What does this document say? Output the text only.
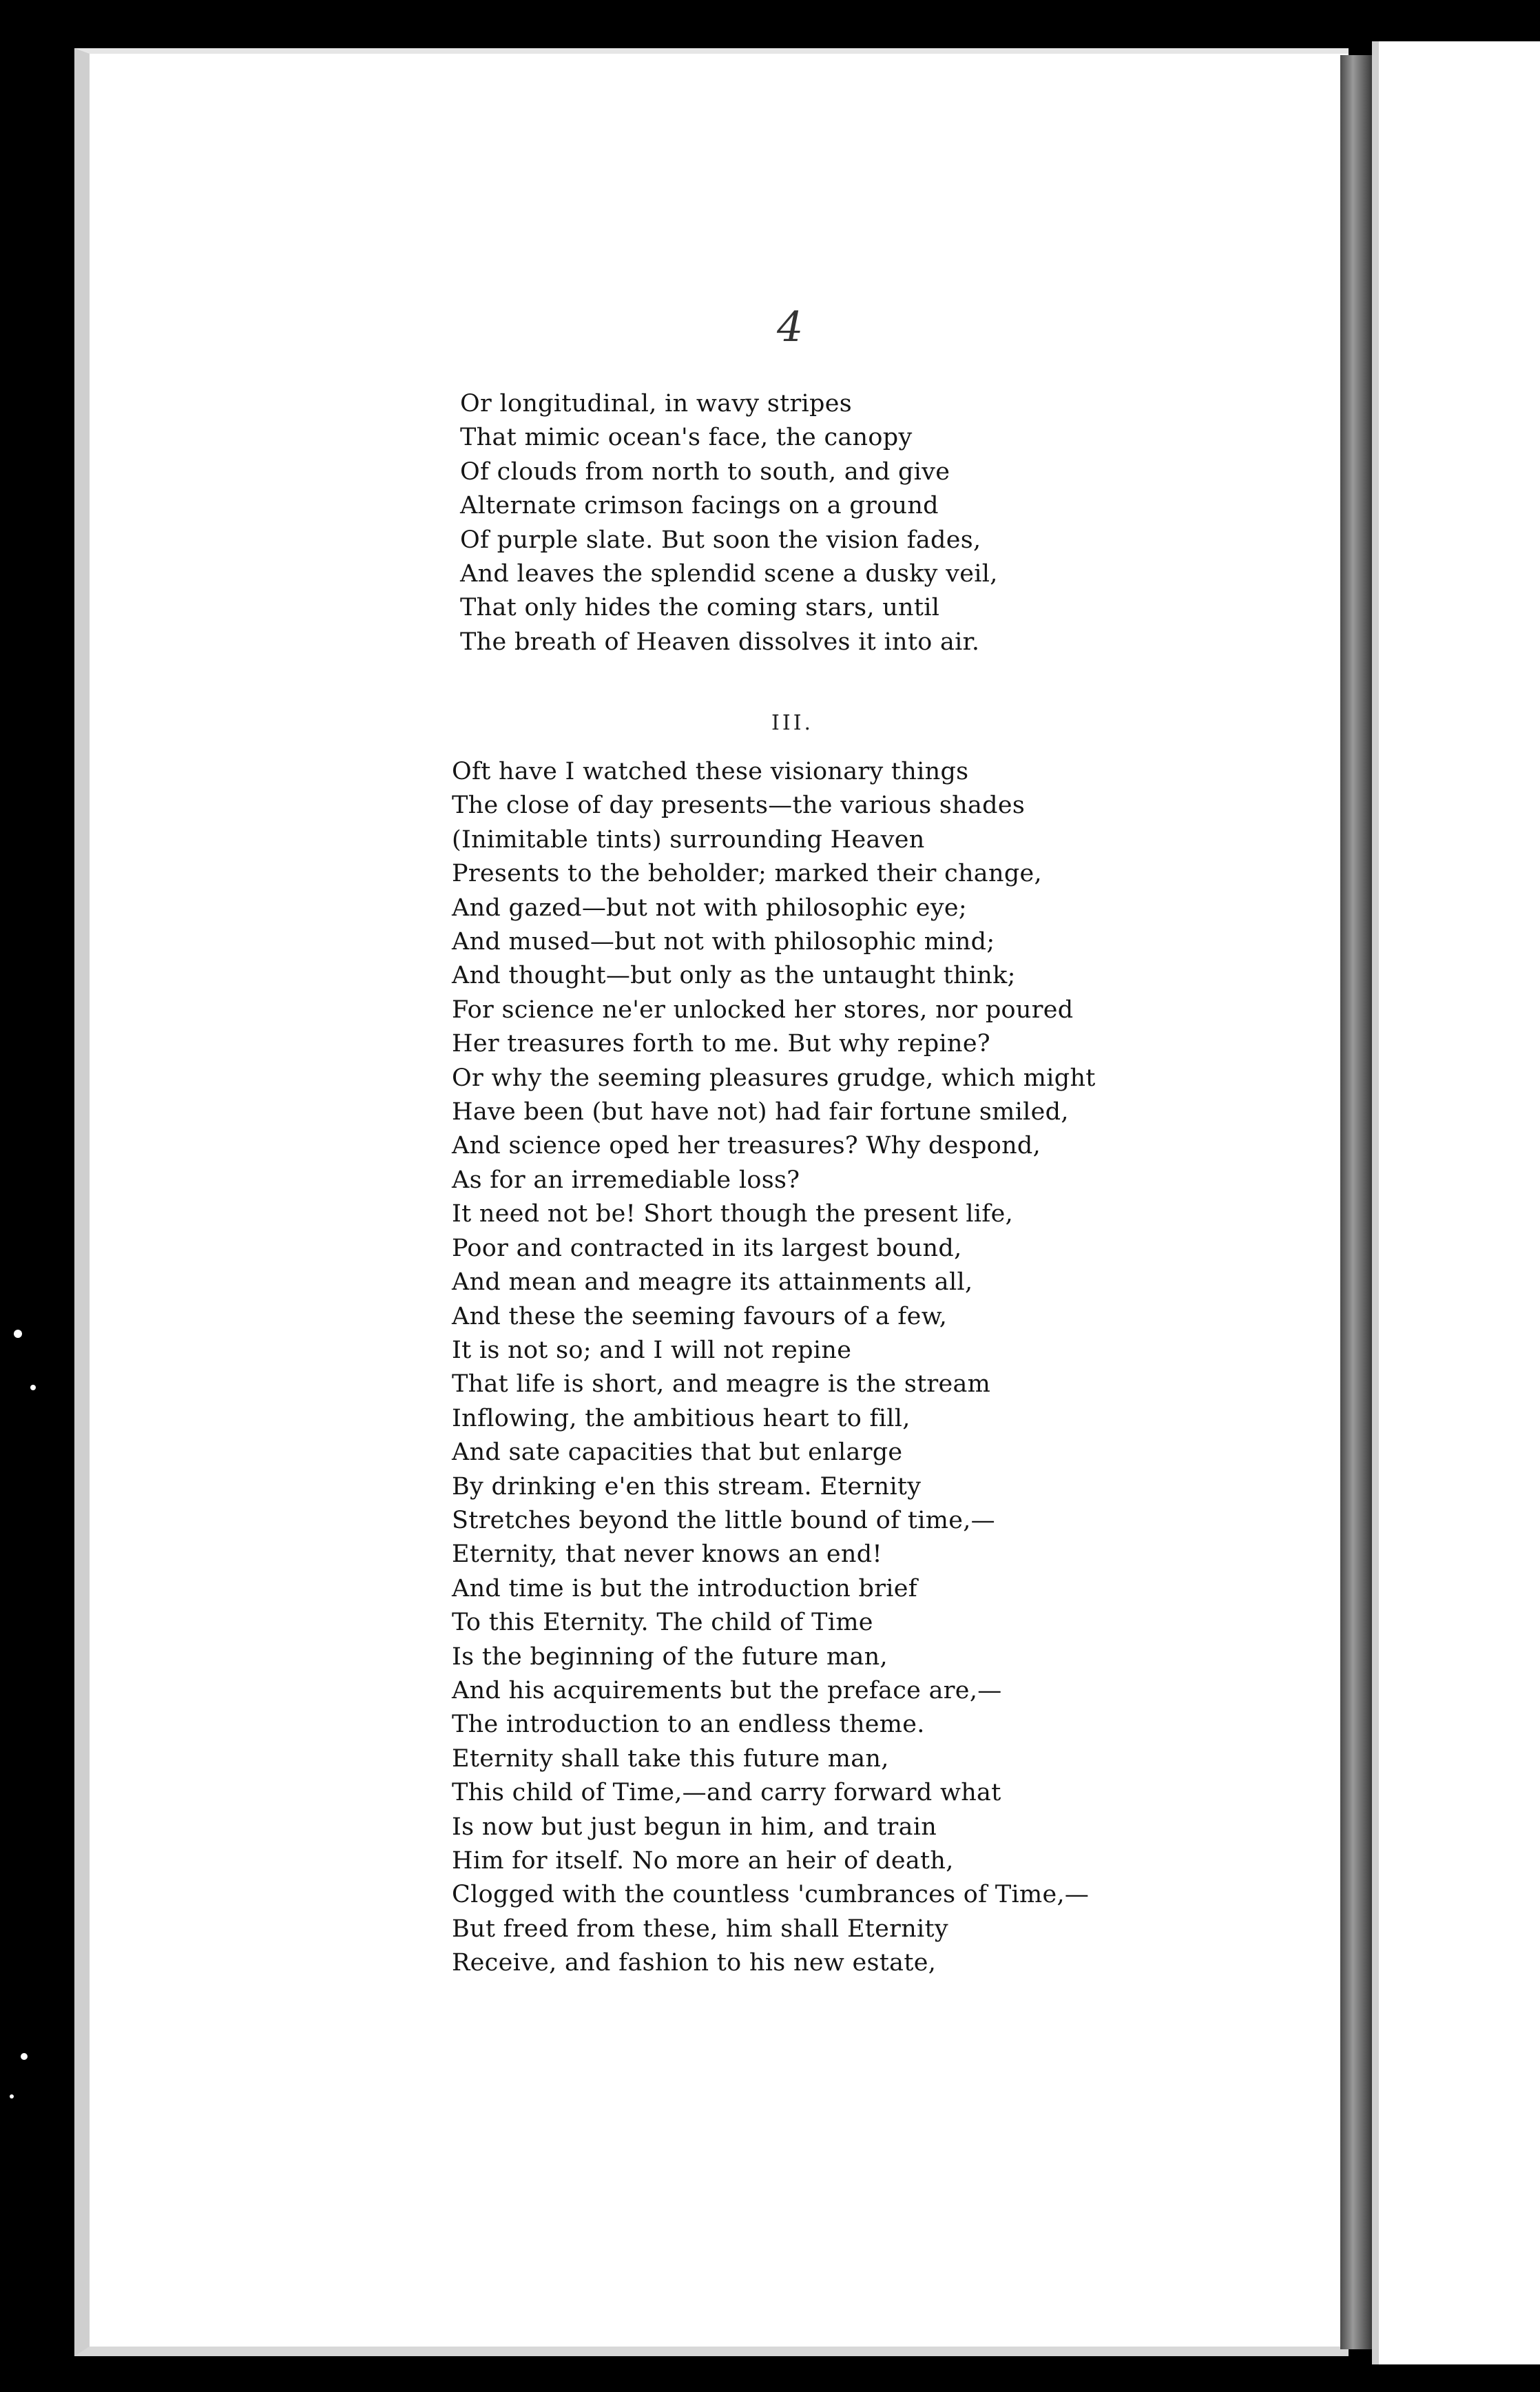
4
Or longitudinal, in wavy stripes
That mimic ocean's face, the canopy
Of clouds from north to south, and give
Alternate crimson facings on a ground
Of purple slate. But soon the vision fades,
And leaves the splendid scene a dusky veil,
That only hides the coming stars, until
The breath of Heaven dissolves it into air.
III.
Oft have I watched these visionary things
The close of day presents—the various shades
(Inimitable tints) surrounding Heaven
Presents to the beholder; marked their change,
And gazed—but not with philosophic eye;
And mused—but not with philosophic mind;
And thought—but only as the untaught think;
For science ne'er unlocked her stores, nor poured
Her treasures forth to me. But why repine?
Or why the seeming pleasures grudge, which might
Have been (but have not) had fair fortune smiled,
And science oped her treasures? Why despond,
As for an irremediable loss?
It need not be! Short though the present life,
Poor and contracted in its largest bound,
And mean and meagre its attainments all,
And these the seeming favours of a few,
It is not so; and I will not repine
That life is short, and meagre is the stream
Inflowing, the ambitious heart to fill,
And sate capacities that but enlarge
By drinking e'en this stream. Eternity
Stretches beyond the little bound of time,—
Eternity, that never knows an end!
And time is but the introduction brief
To this Eternity. The child of Time
Is the beginning of the future man,
And his acquirements but the preface are,—
The introduction to an endless theme.
Eternity shall take this future man,
This child of Time,—and carry forward what
Is now but just begun in him, and train
Him for itself. No more an heir of death,
Clogged with the countless 'cumbrances of Time,—
But freed from these, him shall Eternity
Receive, and fashion to his new estate,
